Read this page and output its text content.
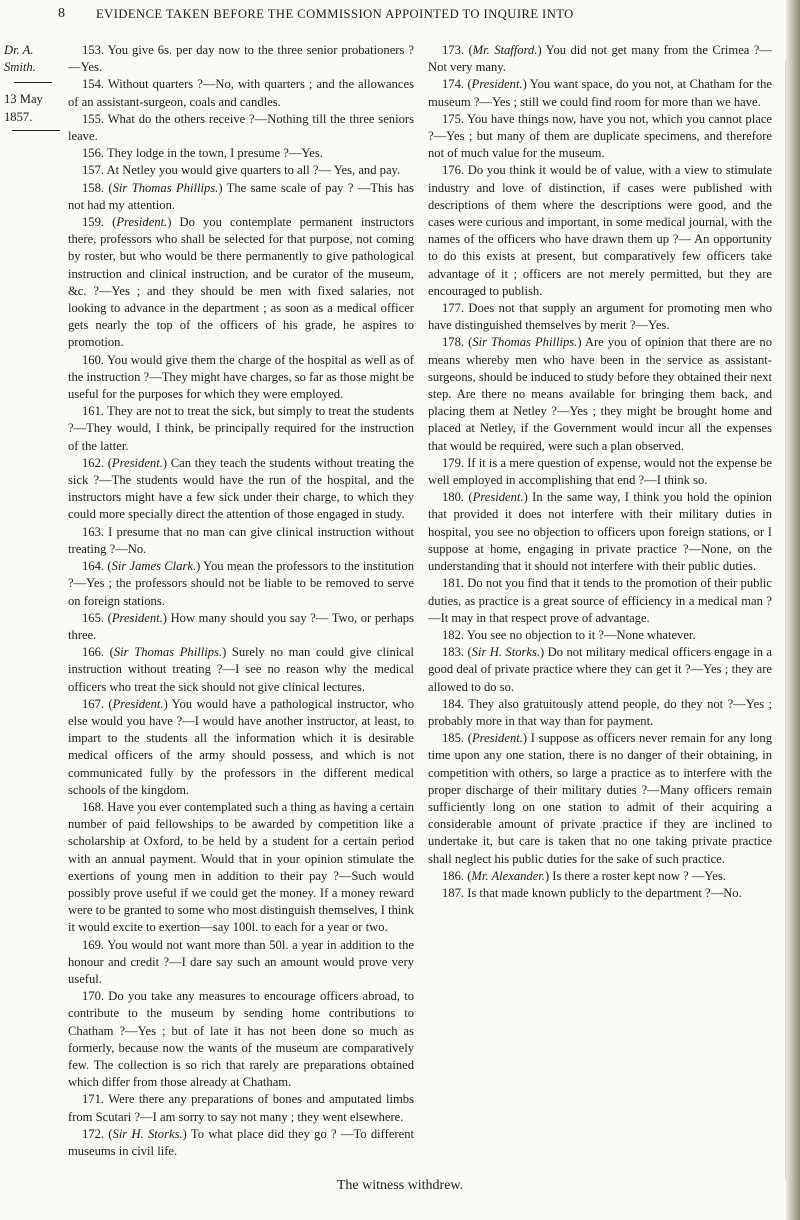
8 EVIDENCE TAKEN BEFORE THE COMMISSION APPOINTED TO INQUIRE INTO
Dr. A. Smith.
13 May 1857.

153. You give 6s. per day now to the three senior probationers ?—Yes.

154. Without quarters ?—No, with quarters ; and the allowances of an assistant-surgeon, coals and candles.

155. What do the others receive ?—Nothing till the three seniors leave.

156. They lodge in the town, I presume ?—Yes.

157. At Netley you would give quarters to all ?— Yes, and pay.

158. (Sir Thomas Phillips.) The same scale of pay ? —This has not had my attention.

159. (President.) Do you contemplate permanent instructors there, professors who shall be selected for that purpose, not coming by roster, but who would be there permanently to give pathological instruction and clinical instruction, and be curator of the museum, &c. ?—Yes ; and they should be men with fixed salaries, not looking to advance in the department ; as soon as a medical officer gets nearly the top of the officers of his grade, he aspires to promotion.

160. You would give them the charge of the hospital as well as of the instruction ?—They might have charges, so far as those might be useful for the purposes for which they were employed.

161. They are not to treat the sick, but simply to treat the students ?—They would, I think, be principally required for the instruction of the latter.

162. (President.) Can they teach the students without treating the sick ?—The students would have the run of the hospital, and the instructors might have a few sick under their charge, to which they could more specially direct the attention of those engaged in study.

163. I presume that no man can give clinical instruction without treating ?—No.

164. (Sir James Clark.) You mean the professors to the institution ?—Yes ; the professors should not be liable to be removed to serve on foreign stations.

165. (President.) How many should you say ?— Two, or perhaps three.

166. (Sir Thomas Phillips.) Surely no man could give clinical instruction without treating ?—I see no reason why the medical officers who treat the sick should not give clinical lectures.

167. (President.) You would have a pathological instructor, who else would you have ?—I would have another instructor, at least, to impart to the students all the information which it is desirable medical officers of the army should possess, and which is not communicated fully by the professors in the different medical schools of the kingdom.

168. Have you ever contemplated such a thing as having a certain number of paid fellowships to be awarded by competition like a scholarship at Oxford, to be held by a student for a certain period with an annual payment. Would that in your opinion stimulate the exertions of young men in addition to their pay ?—Such would possibly prove useful if we could get the money. If a money reward were to be granted to some who most distinguish themselves, I think it would excite to exertion—say 100l. to each for a year or two.

169. You would not want more than 50l. a year in addition to the honour and credit ?—I dare say such an amount would prove very useful.

170. Do you take any measures to encourage officers abroad, to contribute to the museum by sending home contributions to Chatham ?—Yes ; but of late it has not been done so much as formerly, because now the wants of the museum are comparatively few. The collection is so rich that rarely are preparations obtained which differ from those already at Chatham.

171. Were there any preparations of bones and amputated limbs from Scutari ?—I am sorry to say not many ; they went elsewhere.

172. (Sir H. Storks.) To what place did they go ? —To different museums in civil life.

173. (Mr. Stafford.) You did not get many from the Crimea ?—Not very many.

174. (President.) You want space, do you not, at Chatham for the museum ?—Yes ; still we could find room for more than we have.

175. You have things now, have you not, which you cannot place ?—Yes ; but many of them are duplicate specimens, and therefore not of much value for the museum.

176. Do you think it would be of value, with a view to stimulate industry and love of distinction, if cases were published with descriptions of them where the descriptions were good, and the cases were curious and important, in some medical journal, with the names of the officers who have drawn them up ?— An opportunity to do this exists at present, but comparatively few officers take advantage of it ; officers are not merely permitted, but they are encouraged to publish.

177. Does not that supply an argument for promoting men who have distinguished themselves by merit ?—Yes.

178. (Sir Thomas Phillips.) Are you of opinion that there are no means whereby men who have been in the service as assistant-surgeons, should be induced to study before they obtained their next step. Are there no means available for bringing them back, and placing them at Netley ?—Yes ; they might be brought home and placed at Netley, if the Government would incur all the expenses that would be required, were such a plan observed.

179. If it is a mere question of expense, would not the expense be well employed in accomplishing that end ?—I think so.

180. (President.) In the same way, I think you hold the opinion that provided it does not interfere with their military duties in hospital, you see no objection to officers upon foreign stations, or I suppose at home, engaging in private practice ?—None, on the understanding that it should not interfere with their public duties.

181. Do not you find that it tends to the promotion of their public duties, as practice is a great source of efficiency in a medical man ?—It may in that respect prove of advantage.

182. You see no objection to it ?—None whatever.

183. (Sir H. Storks.) Do not military medical officers engage in a good deal of private practice where they can get it ?—Yes ; they are allowed to do so.

184. They also gratuitously attend people, do they not ?—Yes ; probably more in that way than for payment.

185. (President.) I suppose as officers never remain for any long time upon any one station, there is no danger of their obtaining, in competition with others, so large a practice as to interfere with the proper discharge of their military duties ?—Many officers remain sufficiently long on one station to admit of their acquiring a considerable amount of private practice if they are inclined to undertake it, but care is taken that no one taking private practice shall neglect his public duties for the sake of such practice.

186. (Mr. Alexander.) Is there a roster kept now ? —Yes.

187. Is that made known publicly to the department ?—No.

The witness withdrew.
